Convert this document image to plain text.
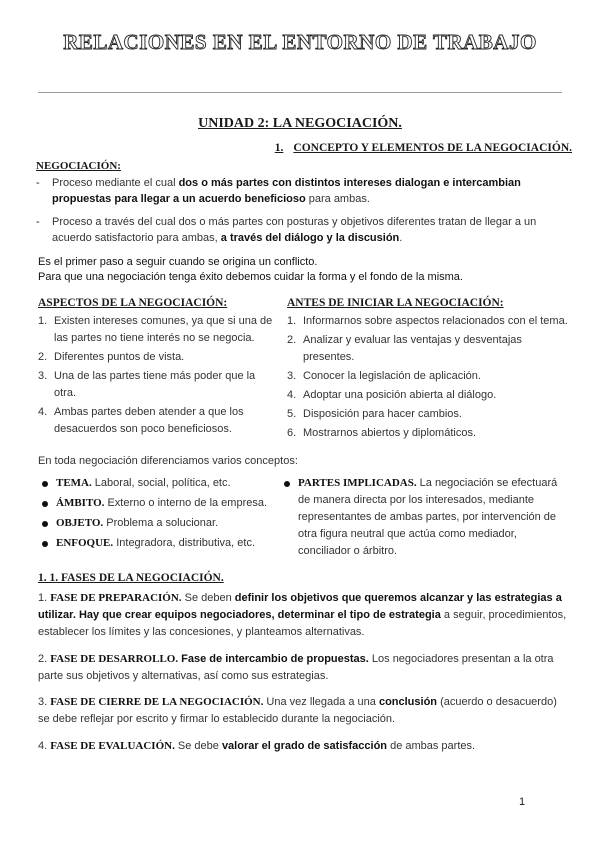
RELACIONES EN EL ENTORNO DE TRABAJO
UNIDAD 2: LA NEGOCIACIÓN.
1. CONCEPTO Y ELEMENTOS DE LA NEGOCIACIÓN.
NEGOCIACIÓN:
- Proceso mediante el cual dos o más partes con distintos intereses dialogan e intercambian propuestas para llegar a un acuerdo beneficioso para ambas.
- Proceso a través del cual dos o más partes con posturas y objetivos diferentes tratan de llegar a un acuerdo satisfactorio para ambas, a través del diálogo y la discusión.
Es el primer paso a seguir cuando se origina un conflicto.
Para que una negociación tenga éxito debemos cuidar la forma y el fondo de la misma.
ASPECTOS DE LA NEGOCIACIÓN:
1. Existen intereses comunes, ya que si una de las partes no tiene interés no se negocia.
2. Diferentes puntos de vista.
3. Una de las partes tiene más poder que la otra.
4. Ambas partes deben atender a que los desacuerdos son poco beneficiosos.
ANTES DE INICIAR LA NEGOCIACIÓN:
1. Informarnos sobre aspectos relacionados con el tema.
2. Analizar y evaluar las ventajas y desventajas presentes.
3. Conocer la legislación de aplicación.
4. Adoptar una posición abierta al diálogo.
5. Disposición para hacer cambios.
6. Mostrarnos abiertos y diplomáticos.
En toda negociación diferenciamos varios conceptos:
TEMA. Laboral, social, política, etc.
ÁMBITO. Externo o interno de la empresa.
OBJETO. Problema a solucionar.
ENFOQUE. Integradora, distributiva, etc.
PARTES IMPLICADAS. La negociación se efectuará de manera directa por los interesados, mediante representantes de ambas partes, por intervención de otra figura neutral que actúa como mediador, conciliador o árbitro.
1. 1. FASES DE LA NEGOCIACIÓN.
1. FASE DE PREPARACIÓN. Se deben definir los objetivos que queremos alcanzar y las estrategias a utilizar. Hay que crear equipos negociadores, determinar el tipo de estrategia a seguir, procedimientos, establecer los límites y las concesiones, y planteamos alternativas.
2. FASE DE DESARROLLO. Fase de intercambio de propuestas. Los negociadores presentan a la otra parte sus objetivos y alternativas, así como sus estrategias.
3. FASE DE CIERRE DE LA NEGOCIACIÓN. Una vez llegada a una conclusión (acuerdo o desacuerdo) se debe reflejar por escrito y firmar lo establecido durante la negociación.
4. FASE DE EVALUACIÓN. Se debe valorar el grado de satisfacción de ambas partes.
1
